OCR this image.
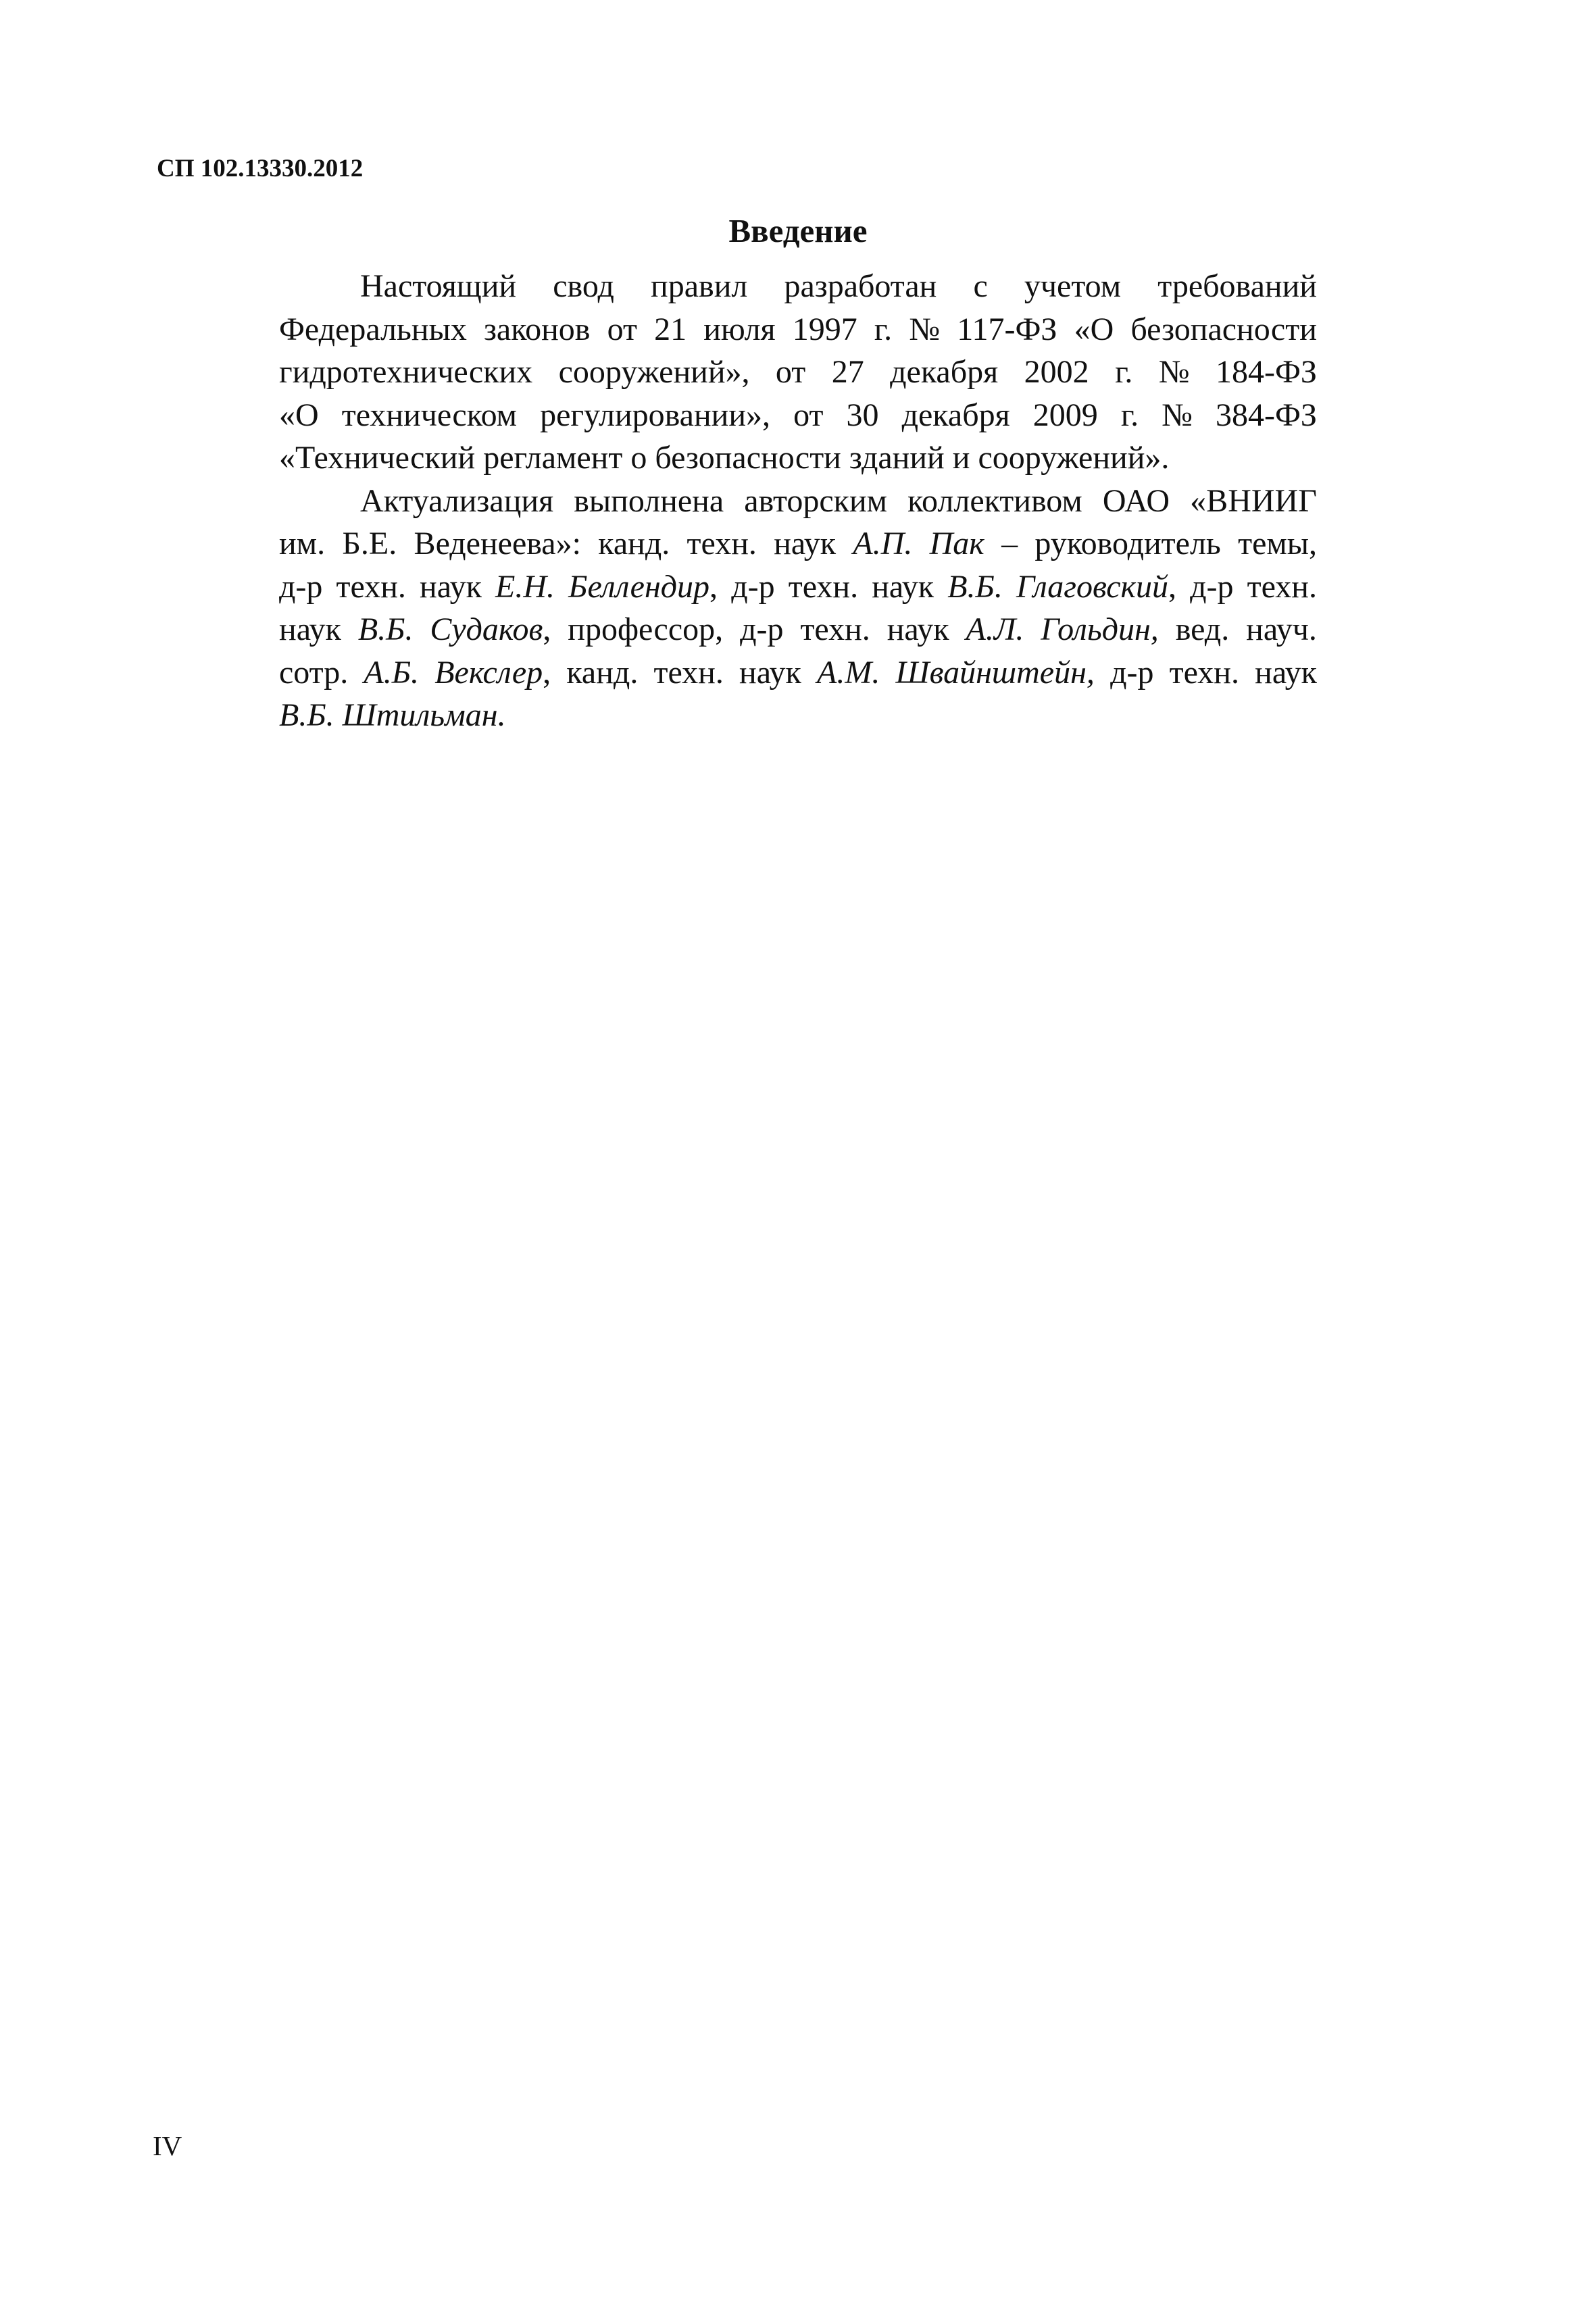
СП 102.13330.2012
Введение
Настоящий свод правил разработан с учетом требований
Федеральных законов от 21 июля 1997 г. № 117-ФЗ «О безопасности
гидротехнических сооружений», от 27 декабря 2002 г. № 184-ФЗ
«О техническом регулировании», от 30 декабря 2009 г. № 384-ФЗ
«Технический регламент о безопасности зданий и сооружений».
Актуализация выполнена авторским коллективом ОАО «ВНИИГ
им. Б.Е. Веденеева»: канд. техн. наук А.П. Пак – руководитель темы,
д-р техн. наук Е.Н. Беллендир, д-р техн. наук В.Б. Глаговский, д-р техн.
наук В.Б. Судаков, профессор, д-р техн. наук А.Л. Гольдин, вед. науч.
сотр. А.Б. Векслер, канд. техн. наук А.М. Швайнштейн, д-р техн. наук
В.Б. Штильман.
IV
